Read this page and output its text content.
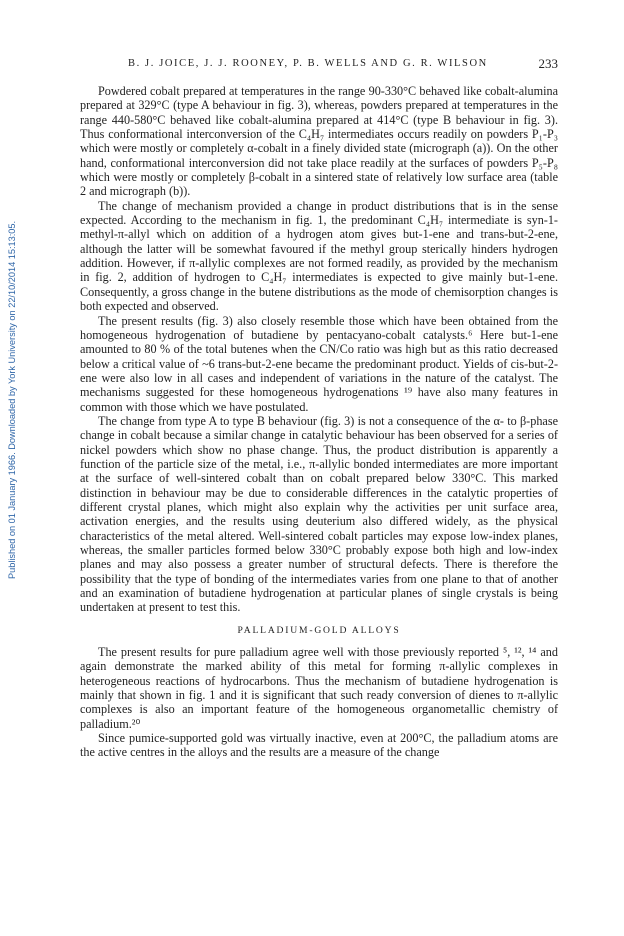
Published on 01 January 1966. Downloaded by York University on 22/10/2014 15:13:05.
B. J. JOICE, J. J. ROONEY, P. B. WELLS AND G. R. WILSON	233

Powdered cobalt prepared at temperatures in the range 90-330°C behaved like cobalt-alumina prepared at 329°C (type A behaviour in fig. 3), whereas, powders prepared at temperatures in the range 440-580°C behaved like cobalt-alumina prepared at 414°C (type B behaviour in fig. 3). Thus conformational interconversion of the C₄H₇ intermediates occurs readily on powders P₁-P₃ which were mostly or completely α-cobalt in a finely divided state (micrograph (a)). On the other hand, conformational interconversion did not take place readily at the surfaces of powders P₅-P₈ which were mostly or completely β-cobalt in a sintered state of relatively low surface area (table 2 and micrograph (b)).

The change of mechanism provided a change in product distributions that is in the sense expected. According to the mechanism in fig. 1, the predominant C₄H₇ intermediate is syn-1-methyl-π-allyl which on addition of a hydrogen atom gives but-1-ene and trans-but-2-ene, although the latter will be somewhat favoured if the methyl group sterically hinders hydrogen addition. However, if π-allylic complexes are not formed readily, as provided by the mechanism in fig. 2, addition of hydrogen to C₄H₇ intermediates is expected to give mainly but-1-ene. Consequently, a gross change in the butene distributions as the mode of chemisorption changes is both expected and observed.

The present results (fig. 3) also closely resemble those which have been obtained from the homogeneous hydrogenation of butadiene by pentacyano-cobalt catalysts.⁶ Here but-1-ene amounted to 80 % of the total butenes when the CN/Co ratio was high but as this ratio decreased below a critical value of ~6 trans-but-2-ene became the predominant product. Yields of cis-but-2-ene were also low in all cases and independent of variations in the nature of the catalyst. The mechanisms suggested for these homogeneous hydrogenations ¹⁹ have also many features in common with those which we have postulated.

The change from type A to type B behaviour (fig. 3) is not a consequence of the α- to β-phase change in cobalt because a similar change in catalytic behaviour has been observed for a series of nickel powders which show no phase change. Thus, the product distribution is apparently a function of the particle size of the metal, i.e., π-allylic bonded intermediates are more important at the surface of well-sintered cobalt than on cobalt prepared below 330°C. This marked distinction in behaviour may be due to considerable differences in the catalytic properties of different crystal planes, which might also explain why the activities per unit surface area, activation energies, and the results using deuterium also differed widely, as the physical characteristics of the metal altered. Well-sintered cobalt particles may expose low-index planes, whereas, the smaller particles formed below 330°C probably expose both high and low-index planes and may also possess a greater number of structural defects. There is therefore the possibility that the type of bonding of the intermediates varies from one plane to that of another and an examination of butadiene hydrogenation at particular planes of single crystals is being undertaken at present to test this.

PALLADIUM-GOLD ALLOYS

The present results for pure palladium agree well with those previously reported ⁵, ¹², ¹⁴ and again demonstrate the marked ability of this metal for forming π-allylic complexes in heterogeneous reactions of hydrocarbons. Thus the mechanism of butadiene hydrogenation is mainly that shown in fig. 1 and it is significant that such ready conversion of dienes to π-allylic complexes is also an important feature of the homogeneous organometallic chemistry of palladium.²⁰

Since pumice-supported gold was virtually inactive, even at 200°C, the palladium atoms are the active centres in the alloys and the results are a measure of the change
